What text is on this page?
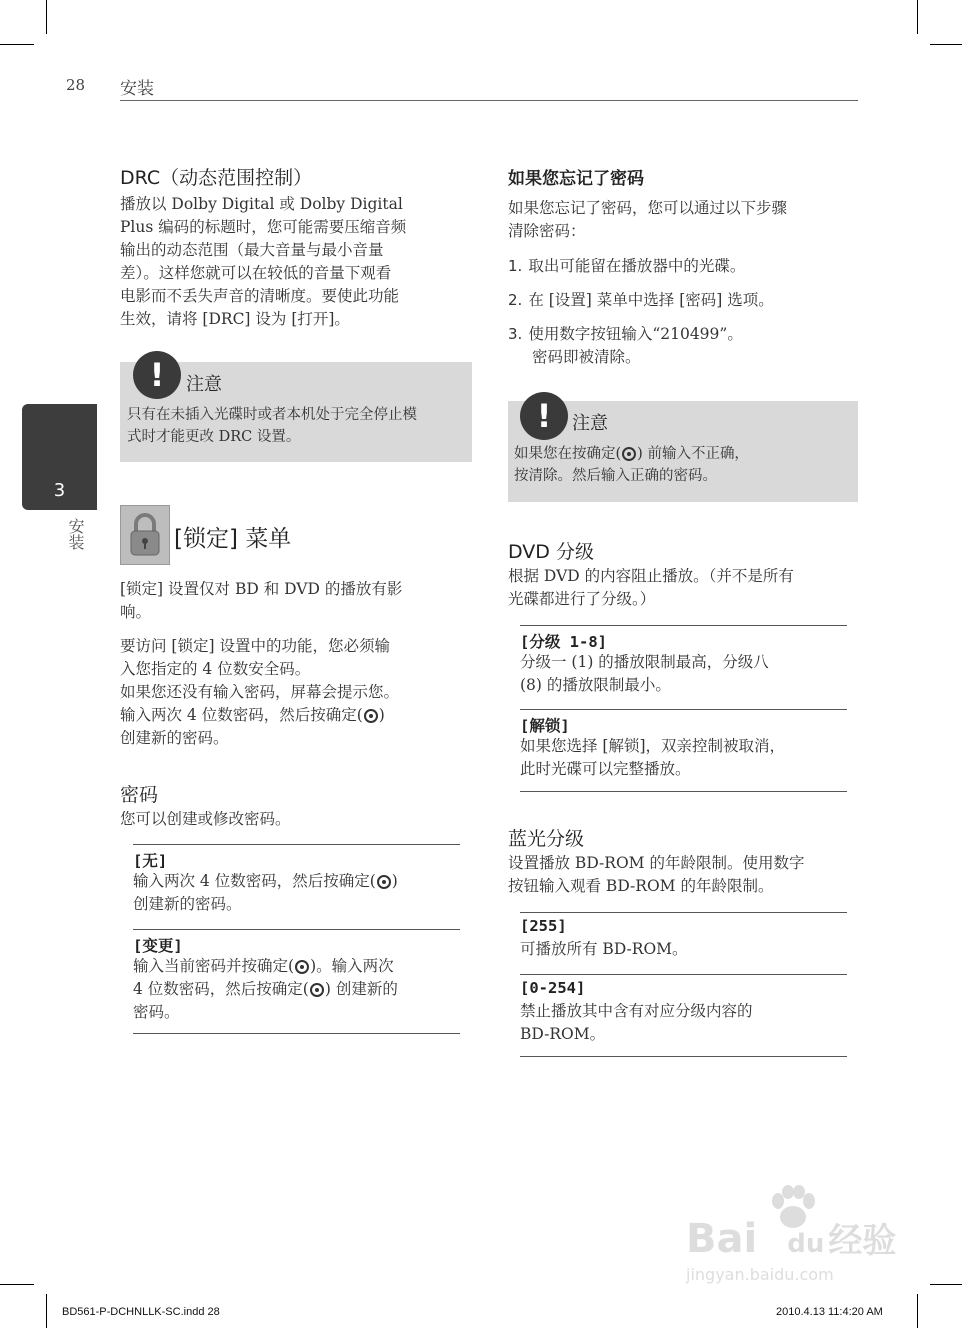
28 安装
3
安装
DRC（动态范围控制）
播放以 Dolby Digital 或 Dolby Digital
Plus 编码的标题时，您可能需要压缩音频
输出的动态范围（最大音量与最小音量
差）。这样您就可以在较低的音量下观看
电影而不丢失声音的清晰度。要使此功能
生效，请将 [DRC] 设为 [打开]。
!	注意
只有在未插入光碟时或者本机处于完全停止模
式时才能更改 DRC 设置。
[锁定] 菜单
[锁定] 设置仅对 BD 和 DVD 的播放有影
响。
要访问 [锁定] 设置中的功能，您必须输
入您指定的 4 位数安全码。
如果您还没有输入密码，屏幕会提示您。
输入两次 4 位数密码，然后按确定( )
创建新的密码。
密码
您可以创建或修改密码。
[无]
输入两次 4 位数密码，然后按确定( )
创建新的密码。
[变更]
输入当前密码并按确定( )。输入两次
4 位数密码，然后按确定( ) 创建新的
密码。
如果您忘记了密码
如果您忘记了密码，您可以通过以下步骤
清除密码：
1. 取出可能留在播放器中的光碟。
2. 在 [设置] 菜单中选择 [密码] 选项。
3. 使用数字按钮输入“210499”。
密码即被清除。
!	注意
如果您在按确定( ) 前输入不正确，
按清除。然后输入正确的密码。
DVD 分级
根据 DVD 的内容阻止播放。（并不是所有
光碟都进行了分级。）
[分级 1-8]
分级一 (1) 的播放限制最高，分级八
(8) 的播放限制最小。
[解锁]
如果您选择 [解锁]，双亲控制被取消，
此时光碟可以完整播放。
蓝光分级
设置播放 BD-ROM 的年龄限制。使用数字
按钮输入观看 BD-ROM 的年龄限制。
[255]
可播放所有 BD-ROM。
[0-254]
禁止播放其中含有对应分级内容的
BD-ROM。
Bai du 经验
jingyan.baidu.com
BD561-P-DCHNLLK-SC.indd 28	2010.4.13 11:4:20 AM
